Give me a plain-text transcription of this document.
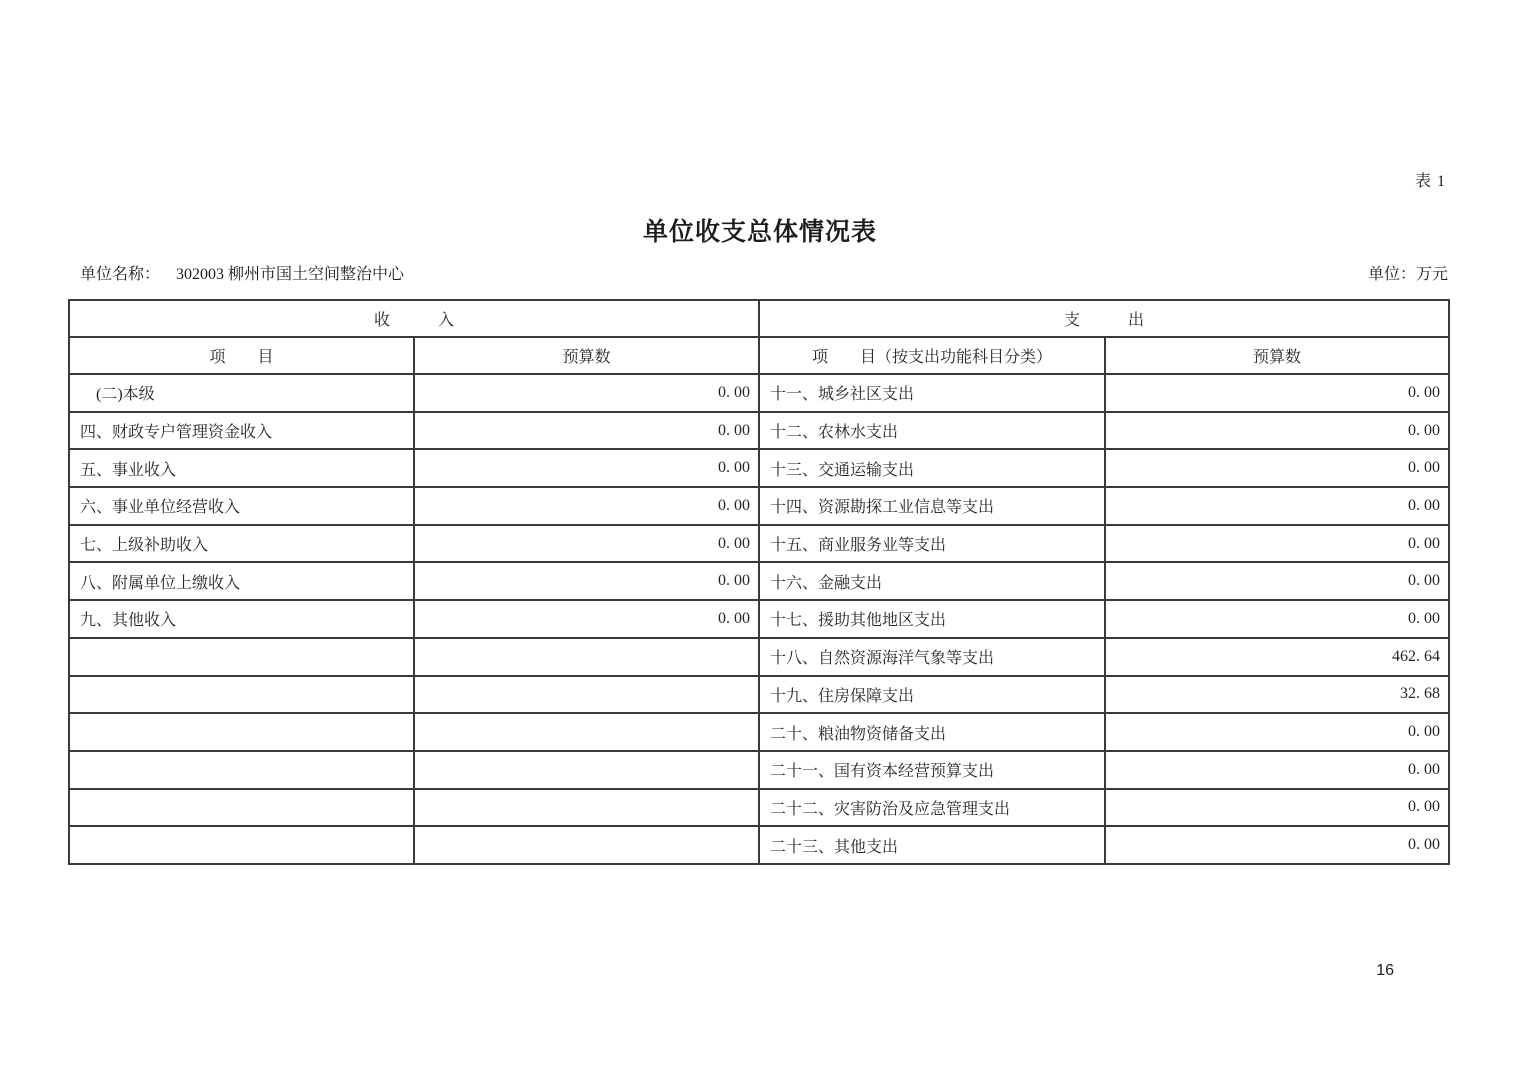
表 1
单位收支总体情况表
单位名称： 302003 柳州市国土空间整治中心	单位：万元
收　　　入		支　　　出	
项　　目	预算数	项　　目（按支出功能科目分类）	预算数
(二)本级	0. 00	十一、城乡社区支出	0. 00
四、财政专户管理资金收入	0. 00	十二、农林水支出	0. 00
五、事业收入	0. 00	十三、交通运输支出	0. 00
六、事业单位经营收入	0. 00	十四、资源勘探工业信息等支出	0. 00
七、上级补助收入	0. 00	十五、商业服务业等支出	0. 00
八、附属单位上缴收入	0. 00	十六、金融支出	0. 00
九、其他收入	0. 00	十七、援助其他地区支出	0. 00
		十八、自然资源海洋气象等支出	462. 64
		十九、住房保障支出	32. 68
		二十、粮油物资储备支出	0. 00
		二十一、国有资本经营预算支出	0. 00
		二十二、灾害防治及应急管理支出	0. 00
		二十三、其他支出	0. 00
16
